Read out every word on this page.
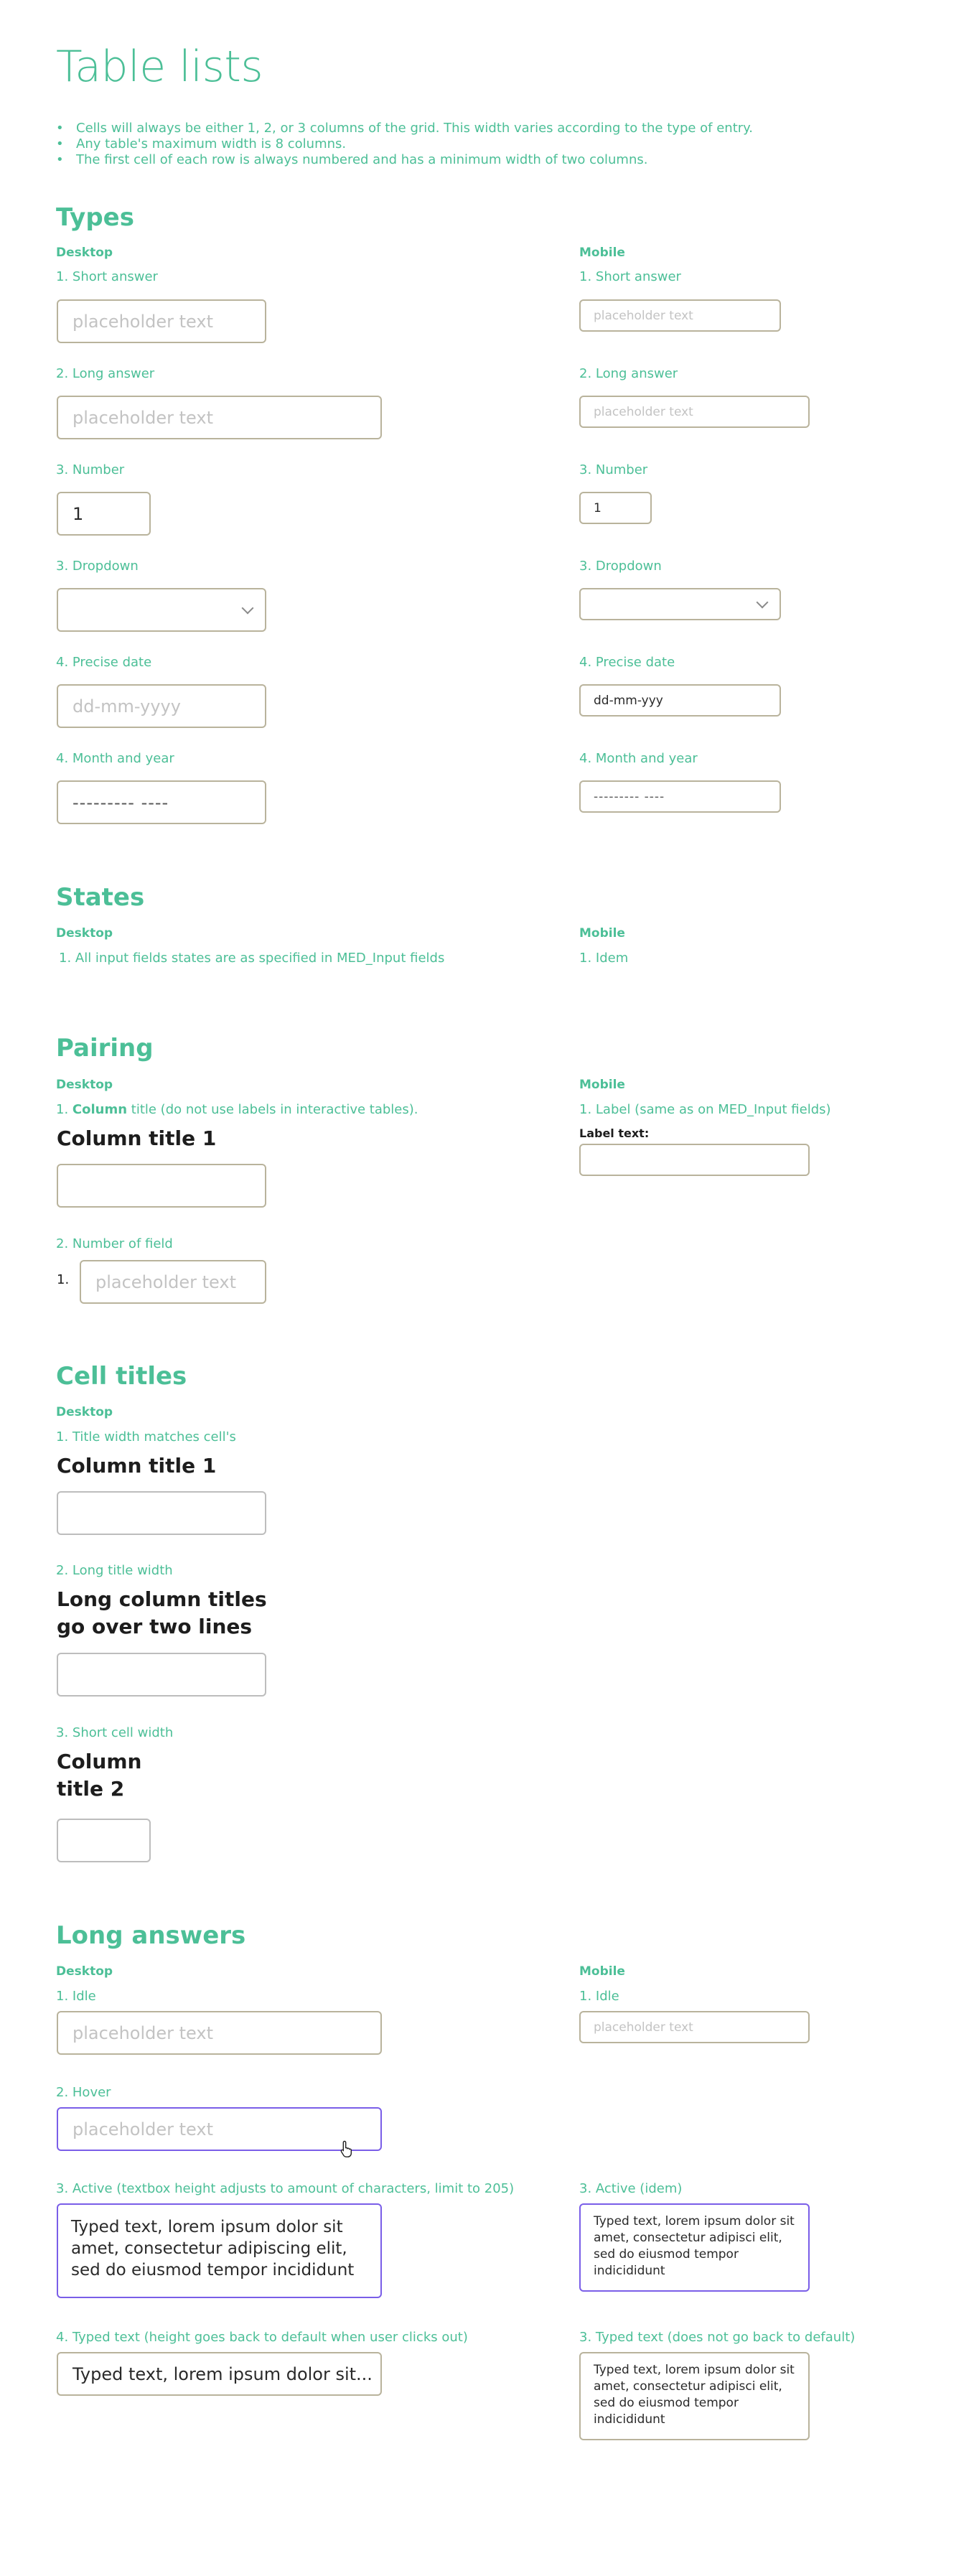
Table lists
• Cells will always be either 1, 2, or 3 columns of the grid. This width varies according to the type of entry.
• Any table's maximum width is 8 columns.
• The first cell of each row is always numbered and has a minimum width of two columns.
Types
Desktop	Mobile
1. Short answer
placeholder text
1. Short answer
placeholder text
2. Long answer
placeholder text
2. Long answer
placeholder text
3. Number
1
3. Number
1
3. Dropdown	3. Dropdown
4. Precise date
dd-mm-yyyy
4. Precise date
dd-mm-yyy
4. Month and year
--------- ----
4. Month and year
--------- ----
States
Desktop	Mobile
1. All input fields states are as specified in MED_Input fields	1. Idem
Pairing
Desktop	Mobile
1. Column title (do not use labels in interactive tables).
Column title 1
1. Label (same as on MED_Input fields)
Label text:
2. Number of field
1. placeholder text
Cell titles
Desktop
1. Title width matches cell's
Column title 1
2. Long title width
Long column titles
go over two lines
3. Short cell width
Column
title 2
Long answers
Desktop	Mobile
1. Idle
placeholder text
1. Idle
placeholder text
2. Hover
placeholder text
3. Active (textbox height adjusts to amount of characters, limit to 205)
Typed text, lorem ipsum dolor sit amet, consectetur adipiscing elit, sed do eiusmod tempor incididunt
3. Active (idem)
Typed text, lorem ipsum dolor sit amet, consectetur adipisci elit, sed do eiusmod tempor indicididunt
4. Typed text (height goes back to default when user clicks out)
Typed text, lorem ipsum dolor sit...
3. Typed text (does not go back to default)
Typed text, lorem ipsum dolor sit amet, consectetur adipisci elit, sed do eiusmod tempor indicididunt
